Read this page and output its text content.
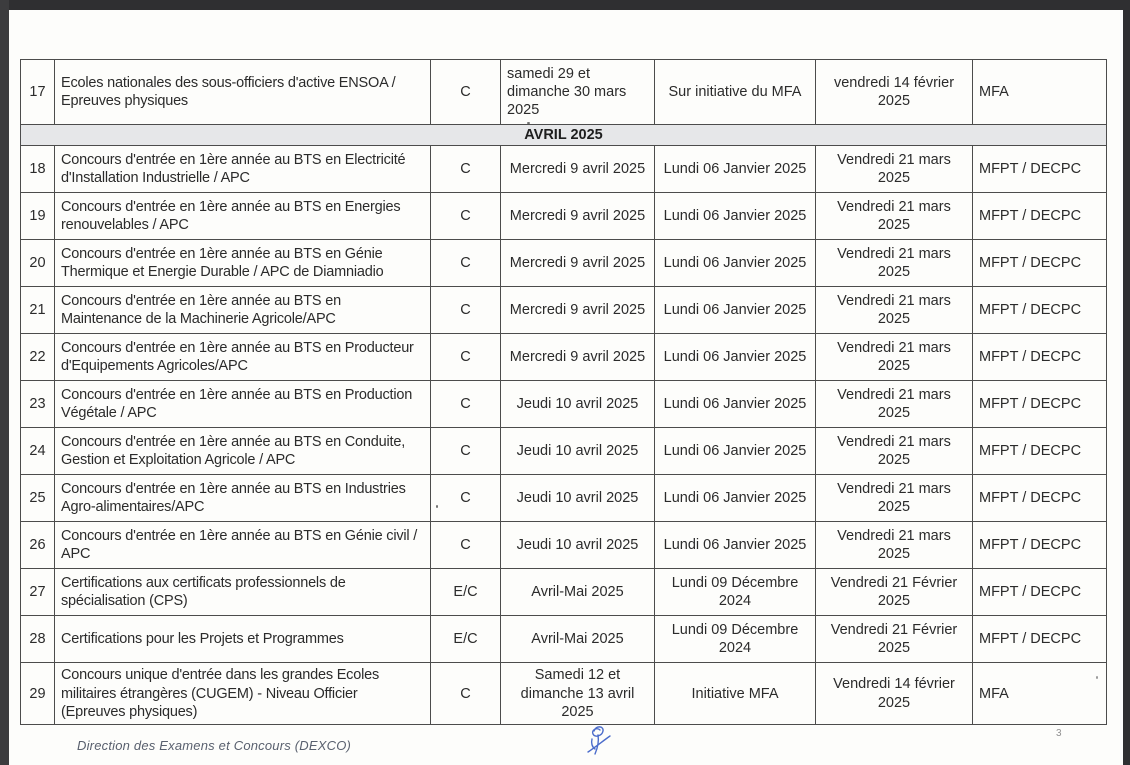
17	Ecoles nationales des sous-officiers d'active ENSOA / Epreuves physiques	C	samedi 29 et dimanche 30 mars 2025	Sur initiative du MFA	vendredi 14 février 2025	MFA
AVRIL 2025						
18	Concours d'entrée en 1ère année au BTS en Electricité d'Installation Industrielle / APC	C	Mercredi 9 avril 2025	Lundi 06 Janvier 2025	Vendredi 21 mars 2025	MFPT / DECPC
19	Concours d'entrée en 1ère année au BTS en Energies renouvelables / APC	C	Mercredi 9 avril 2025	Lundi 06 Janvier 2025	Vendredi 21 mars 2025	MFPT / DECPC
20	Concours d'entrée en 1ère année au BTS en Génie Thermique et Energie Durable / APC de Diamniadio	C	Mercredi 9 avril 2025	Lundi 06 Janvier 2025	Vendredi 21 mars 2025	MFPT / DECPC
21	Concours d'entrée en 1ère année au BTS en Maintenance de la Machinerie Agricole/APC	C	Mercredi 9 avril 2025	Lundi 06 Janvier 2025	Vendredi 21 mars 2025	MFPT / DECPC
22	Concours d'entrée en 1ère année au BTS en Producteur d'Equipements Agricoles/APC	C	Mercredi 9 avril 2025	Lundi 06 Janvier 2025	Vendredi 21 mars 2025	MFPT / DECPC
23	Concours d'entrée en 1ère année au BTS en Production Végétale / APC	C	Jeudi 10 avril 2025	Lundi 06 Janvier 2025	Vendredi 21 mars 2025	MFPT / DECPC
24	Concours d'entrée en 1ère année au BTS en Conduite, Gestion et Exploitation Agricole / APC	C	Jeudi 10 avril 2025	Lundi 06 Janvier 2025	Vendredi 21 mars 2025	MFPT / DECPC
25	Concours d'entrée en 1ère année au BTS en Industries Agro-alimentaires/APC	C	Jeudi 10 avril 2025	Lundi 06 Janvier 2025	Vendredi 21 mars 2025	MFPT / DECPC
26	Concours d'entrée en 1ère année au BTS en Génie civil / APC	C	Jeudi 10 avril 2025	Lundi 06 Janvier 2025	Vendredi 21 mars 2025	MFPT / DECPC
27	Certifications aux certificats professionnels de spécialisation (CPS)	E/C	Avril-Mai 2025	Lundi 09 Décembre 2024	Vendredi 21 Février 2025	MFPT / DECPC
28	Certifications pour les Projets et Programmes	E/C	Avril-Mai 2025	Lundi 09 Décembre 2024	Vendredi 21 Février 2025	MFPT / DECPC
29	Concours unique d'entrée dans les grandes Ecoles militaires étrangères (CUGEM) - Niveau Officier (Epreuves physiques)	C	Samedi 12 et dimanche 13 avril 2025	Initiative MFA	Vendredi 14 février 2025	MFA
Direction des Examens et Concours (DEXCO)
3
